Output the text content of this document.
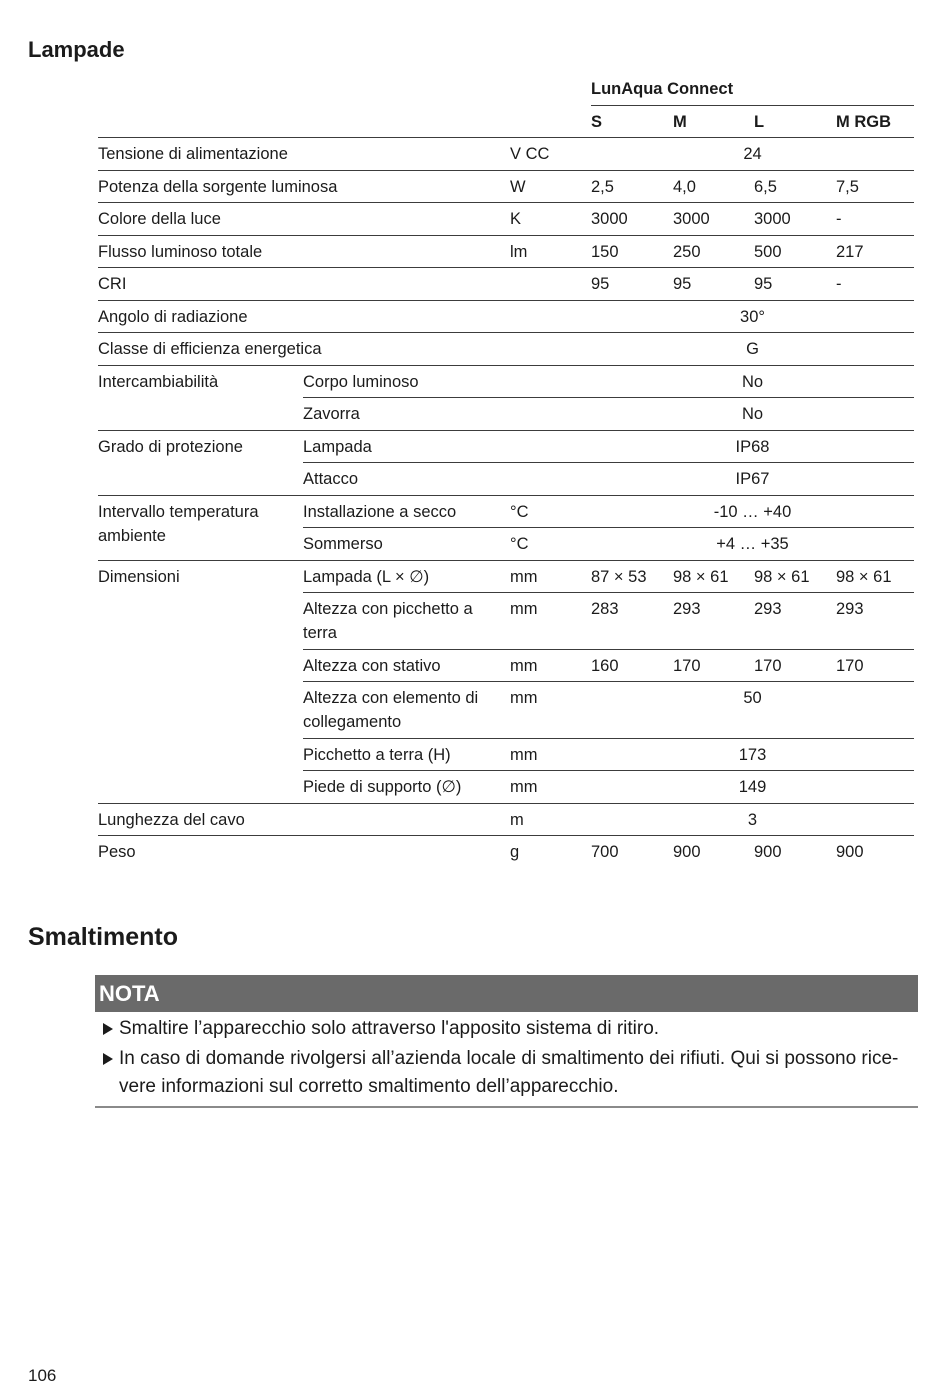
Lampade
			LunAqua Connect			
			S	M	L	M RGB
Tensione di alimentazione		V CC	24			
Potenza della sorgente luminosa		W	2,5	4,0	6,5	7,5
Colore della luce		K	3000	3000	3000	-
Flusso luminoso totale		lm	150	250	500	217
CRI			95	95	95	-
Angolo di radiazione			30°			
Classe di efficienza energetica			G			
Intercambiabilità	Corpo luminoso		No			
	Zavorra		No			
Grado di protezione	Lampada		IP68			
	Attacco		IP67			
Intervallo temperatura ambiente	Installazione a secco	°C	-10 … +40			
	Sommerso	°C	+4 … +35			
Dimensioni	Lampada (L × ∅)	mm	87 × 53	98 × 61	98 × 61	98 × 61
	Altezza con picchetto a terra	mm	283	293	293	293
	Altezza con stativo	mm	160	170	170	170
	Altezza con elemento di collegamento	mm	50			
	Picchetto a terra (H)	mm	173			
	Piede di supporto (∅)	mm	149			
Lunghezza del cavo		m	3			
Peso		g	700	900	900	900
Smaltimento
NOTA
Smaltire l’apparecchio solo attraverso l'apposito sistema di ritiro.
In caso di domande rivolgersi all’azienda locale di smaltimento dei rifiuti. Qui si possono rice-
vere informazioni sul corretto smaltimento dell’apparecchio.
106
